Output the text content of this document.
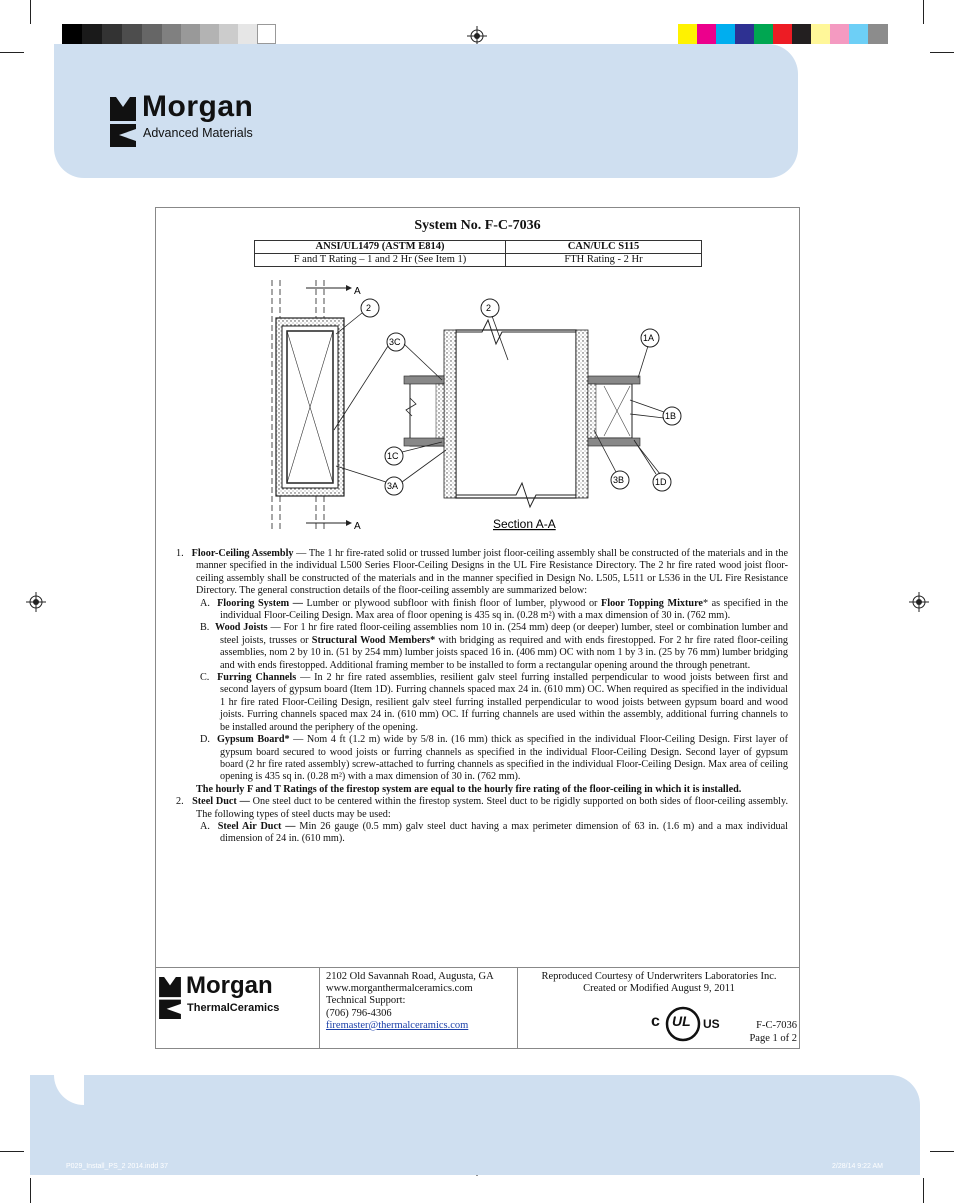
Morgan
Advanced Materials
System No. F-C-7036
ANSI/UL1479 (ASTM E814)	CAN/ULC S115
F and T Rating – 1 and 2 Hr (See Item 1)	FTH Rating - 2 Hr
A
A	Section A-A
2
3C
1C
3A
2
1A
1B
3B	1D

1. Floor-Ceiling Assembly — The 1 hr fire-rated solid or trussed lumber joist floor-ceiling assembly shall be constructed of the materials and in the manner specified in the individual L500 Series Floor-Ceiling Designs in the UL Fire Resistance Directory. The 2 hr fire rated wood joist floor-ceiling assembly shall be constructed of the materials and in the manner specified in Design No. L505, L511 or L536 in the UL Fire Resistance Directory. The general construction details of the floor-ceiling assembly are summarized below:

A. Flooring System — Lumber or plywood subfloor with finish floor of lumber, plywood or Floor Topping Mixture* as specified in the individual Floor-Ceiling Design. Max area of floor opening is 435 sq in. (0.28 m²) with a max dimension of 30 in. (762 mm).

B. Wood Joists — For 1 hr fire rated floor-ceiling assemblies nom 10 in. (254 mm) deep (or deeper) lumber, steel or combination lumber and steel joists, trusses or Structural Wood Members* with bridging as required and with ends firestopped. For 2 hr fire rated floor-ceiling assemblies, nom 2 by 10 in. (51 by 254 mm) lumber joists spaced 16 in. (406 mm) OC with nom 1 by 3 in. (25 by 76 mm) lumber bridging and with ends firestopped. Additional framing member to be installed to form a rectangular opening around the through penetrant.

C. Furring Channels — In 2 hr fire rated assemblies, resilient galv steel furring installed perpendicular to wood joists between first and second layers of gypsum board (Item 1D). Furring channels spaced max 24 in. (610 mm) OC. When required as specified in the individual 1 hr fire rated Floor-Ceiling Design, resilient galv steel furring installed perpendicular to wood joists between gypsum board and wood joists. Furring channels spaced max 24 in. (610 mm) OC. If furring channels are used within the assembly, additional furring channels to be installed around the periphery of the opening.

D. Gypsum Board* — Nom 4 ft (1.2 m) wide by 5/8 in. (16 mm) thick as specified in the individual Floor-Ceiling Design. First layer of gypsum board secured to wood joists or furring channels as specified in the individual Floor-Ceiling Design. Second layer of gypsum board (2 hr fire rated assembly) screw-attached to furring channels as specified in the individual Floor-Ceiling Design. Max area of ceiling opening is 435 sq in. (0.28 m²) with a max dimension of 30 in. (762 mm).

The hourly F and T Ratings of the firestop system are equal to the hourly fire rating of the floor-ceiling in which it is installed.

2. Steel Duct — One steel duct to be centered within the firestop system. Steel duct to be rigidly supported on both sides of floor-ceiling assembly. The following types of steel ducts may be used:

A. Steel Air Duct — Min 26 gauge (0.5 mm) galv steel duct having a max perimeter dimension of 63 in. (1.6 m) and a max individual dimension of 24 in. (610 mm).

Morgan
ThermalCeramics
2102 Old Savannah Road, Augusta, GA
www.morganthermalceramics.com
Technical Support:
(706) 796-4306
firemaster@thermalceramics.com
Reproduced Courtesy of Underwriters Laboratories Inc.
Created or Modified August 9, 2011
c UL US	F-C-7036
Page 1 of 2
P029_Install_PS_2 2014.indd 37	2/28/14 9:22 AM
